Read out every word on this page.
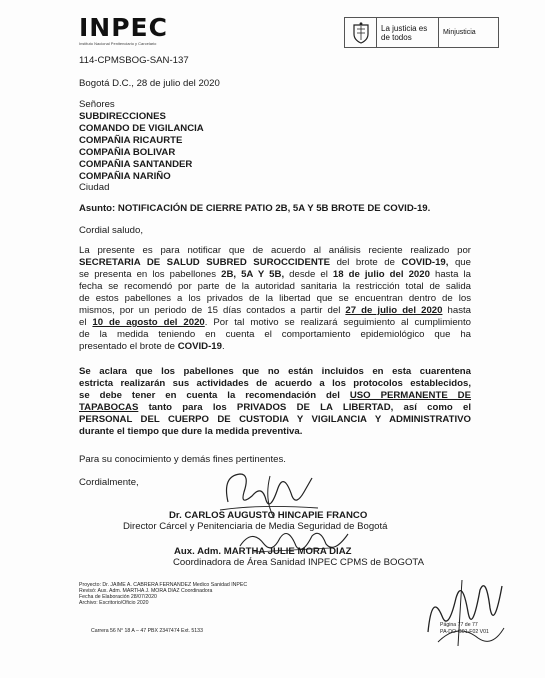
INPEC
Instituto Nacional Penitenciario y Carcelario
La justicia es de todos	Minjusticia
114-CPMSBOG-SAN-137
Bogotá D.C., 28 de julio del 2020
Señores
SUBDIRECCIONES
COMANDO DE VIGILANCIA
COMPAÑIA RICAURTE
COMPAÑIA BOLIVAR
COMPAÑIA SANTANDER
COMPAÑIA NARIÑO
Ciudad
Asunto: NOTIFICACIÓN DE CIERRE PATIO 2B, 5A Y 5B BROTE DE COVID-19.
Cordial saludo,
La presente es para notificar que de acuerdo al análisis reciente realizado por
SECRETARIA DE SALUD SUBRED SUROCCIDENTE del brote de COVID-19, que
se presenta en los pabellones 2B, 5A Y 5B, desde el 18 de julio del 2020 hasta la
fecha se recomendó por parte de la autoridad sanitaria la restricción total de salida
de estos pabellones a los privados de la libertad que se encuentran dentro de los
mismos, por un periodo de 15 días contados a partir del 27 de julio del 2020 hasta
el 10 de agosto del 2020. Por tal motivo se realizará seguimiento al cumplimiento
de la medida teniendo en cuenta el comportamiento epidemiológico que ha
presentado el brote de COVID-19.
Se aclara que los pabellones que no están incluidos en esta cuarentena
estricta realizarán sus actividades de acuerdo a los protocolos establecidos,
se debe tener en cuenta la recomendación del USO PERMANENTE DE
TAPABOCAS tanto para los PRIVADOS DE LA LIBERTAD, así como el
PERSONAL DEL CUERPO DE CUSTODIA Y VIGILANCIA Y ADMINISTRATIVO
durante el tiempo que dure la medida preventiva.
Para su conocimiento y demás fines pertinentes.
Cordialmente,
Dr. CARLOS AUGUSTO HINCAPIE FRANCO
Director Cárcel y Penitenciaria de Media Seguridad de Bogotá
Aux. Adm. MARTHA JULIE MORA DIAZ
Coordinadora de Área Sanidad INPEC CPMS de BOGOTA
Proyecto: Dr. JAIME A. CABRERA FERNANDEZ Medico Sanidad INPEC
Revisó: Aux. Adm. MARTHA J. MORA DIAZ Coordinadora
Fecha de Elaboración 28/07/2020
Archivo: Escritorio/Oficio 2020
Carrera 56 N° 18 A – 47 PBX 2347474 Ext. 5133
Página 77 de 77
PA-DO-G01-F02 V01
